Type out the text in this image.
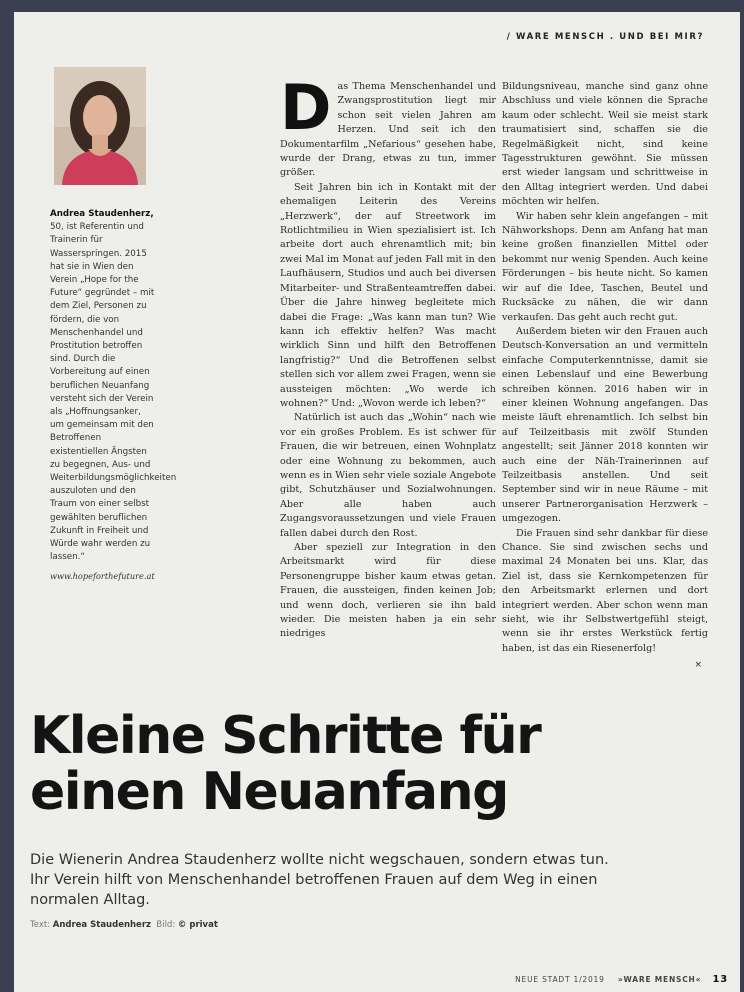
/ WARE MENSCH . UND BEI MIR?
Andrea Staudenherz, 50, ist Referentin und Trainerin für Wasserspringen. 2015 hat sie in Wien den Verein „Hope for the Future“ gegründet – mit dem Ziel, Personen zu fördern, die von Menschenhandel und Prostitution betroffen sind. Durch die Vorbereitung auf einen beruflichen Neuanfang versteht sich der Verein als „Hoffnungsanker, um gemeinsam mit den Betroffenen existentiellen Ängsten zu begegnen, Aus- und Weiterbildungsmöglichkeiten auszuloten und den Traum von einer selbst gewählten beruflichen Zukunft in Freiheit und Würde wahr werden zu lassen.“
www.hopeforthefuture.at

Das Thema Menschenhandel und Zwangsprostitution liegt mir schon seit vielen Jahren am Herzen. Und seit ich den Dokumentarfilm „Nefarious“ gesehen habe, wurde der Drang, etwas zu tun, immer größer.

Seit Jahren bin ich in Kontakt mit der ehemaligen Leiterin des Vereins „Herzwerk“, der auf Streetwork im Rotlichtmilieu in Wien spezialisiert ist. Ich arbeite dort auch ehrenamtlich mit; bin zwei Mal im Monat auf jeden Fall mit in den Laufhäusern, Studios und auch bei diversen Mitarbeiter- und Straßenteamtreffen dabei. Über die Jahre hinweg begleitete mich dabei die Frage: „Was kann man tun? Wie kann ich effektiv helfen? Was macht wirklich Sinn und hilft den Betroffenen langfristig?“ Und die Betroffenen selbst stellen sich vor allem zwei Fragen, wenn sie aussteigen möchten: „Wo werde ich wohnen?“ Und: „Wovon werde ich leben?“

Natürlich ist auch das „Wohin“ nach wie vor ein großes Problem. Es ist schwer für Frauen, die wir betreuen, einen Wohnplatz oder eine Wohnung zu bekommen, auch wenn es in Wien sehr viele soziale Angebote gibt, Schutzhäuser und Sozialwohnungen. Aber alle haben auch Zugangsvoraussetzungen und viele Frauen fallen dabei durch den Rost.

Aber speziell zur Integration in den Arbeitsmarkt wird für diese Personengruppe bisher kaum etwas getan. Frauen, die aussteigen, finden keinen Job; und wenn doch, verlieren sie ihn bald wieder. Die meisten haben ja ein sehr niedriges

Bildungsniveau, manche sind ganz ohne Abschluss und viele können die Sprache kaum oder schlecht. Weil sie meist stark traumatisiert sind, schaffen sie die Regelmäßigkeit nicht, sind keine Tagesstrukturen gewöhnt. Sie müssen erst wieder langsam und schrittweise in den Alltag integriert werden. Und dabei möchten wir helfen.

Wir haben sehr klein angefangen – mit Nähworkshops. Denn am Anfang hat man keine großen finanziellen Mittel oder bekommt nur wenig Spenden. Auch keine Förderungen – bis heute nicht. So kamen wir auf die Idee, Taschen, Beutel und Rucksäcke zu nähen, die wir dann verkaufen. Das geht auch recht gut.

Außerdem bieten wir den Frauen auch Deutsch-Konversation an und vermitteln einfache Computerkenntnisse, damit sie einen Lebenslauf und eine Bewerbung schreiben können. 2016 haben wir in einer kleinen Wohnung angefangen. Das meiste läuft ehrenamtlich. Ich selbst bin auf Teilzeitbasis mit zwölf Stunden angestellt; seit Jänner 2018 konnten wir auch eine der Näh-Trainerinnen auf Teilzeitbasis anstellen. Und seit September sind wir in neue Räume – mit unserer Partnerorganisation Herzwerk – umgezogen.

Die Frauen sind sehr dankbar für diese Chance. Sie sind zwischen sechs und maximal 24 Monaten bei uns. Klar, das Ziel ist, dass sie Kernkompetenzen für den Arbeitsmarkt erlernen und dort integriert werden. Aber schon wenn man sieht, wie ihr Selbstwertgefühl steigt, wenn sie ihr erstes Werkstück fertig haben, ist das ein Riesenerfolg!

×
Kleine Schritte für
einen Neuanfang
Die Wienerin Andrea Staudenherz wollte nicht wegschauen, sondern etwas tun. Ihr Verein hilft von Menschenhandel betroffenen Frauen auf dem Weg in einen normalen Alltag.
Text: Andrea Staudenherz Bild: © privat
NEUE STADT 1/2019 »WARE MENSCH« 13
